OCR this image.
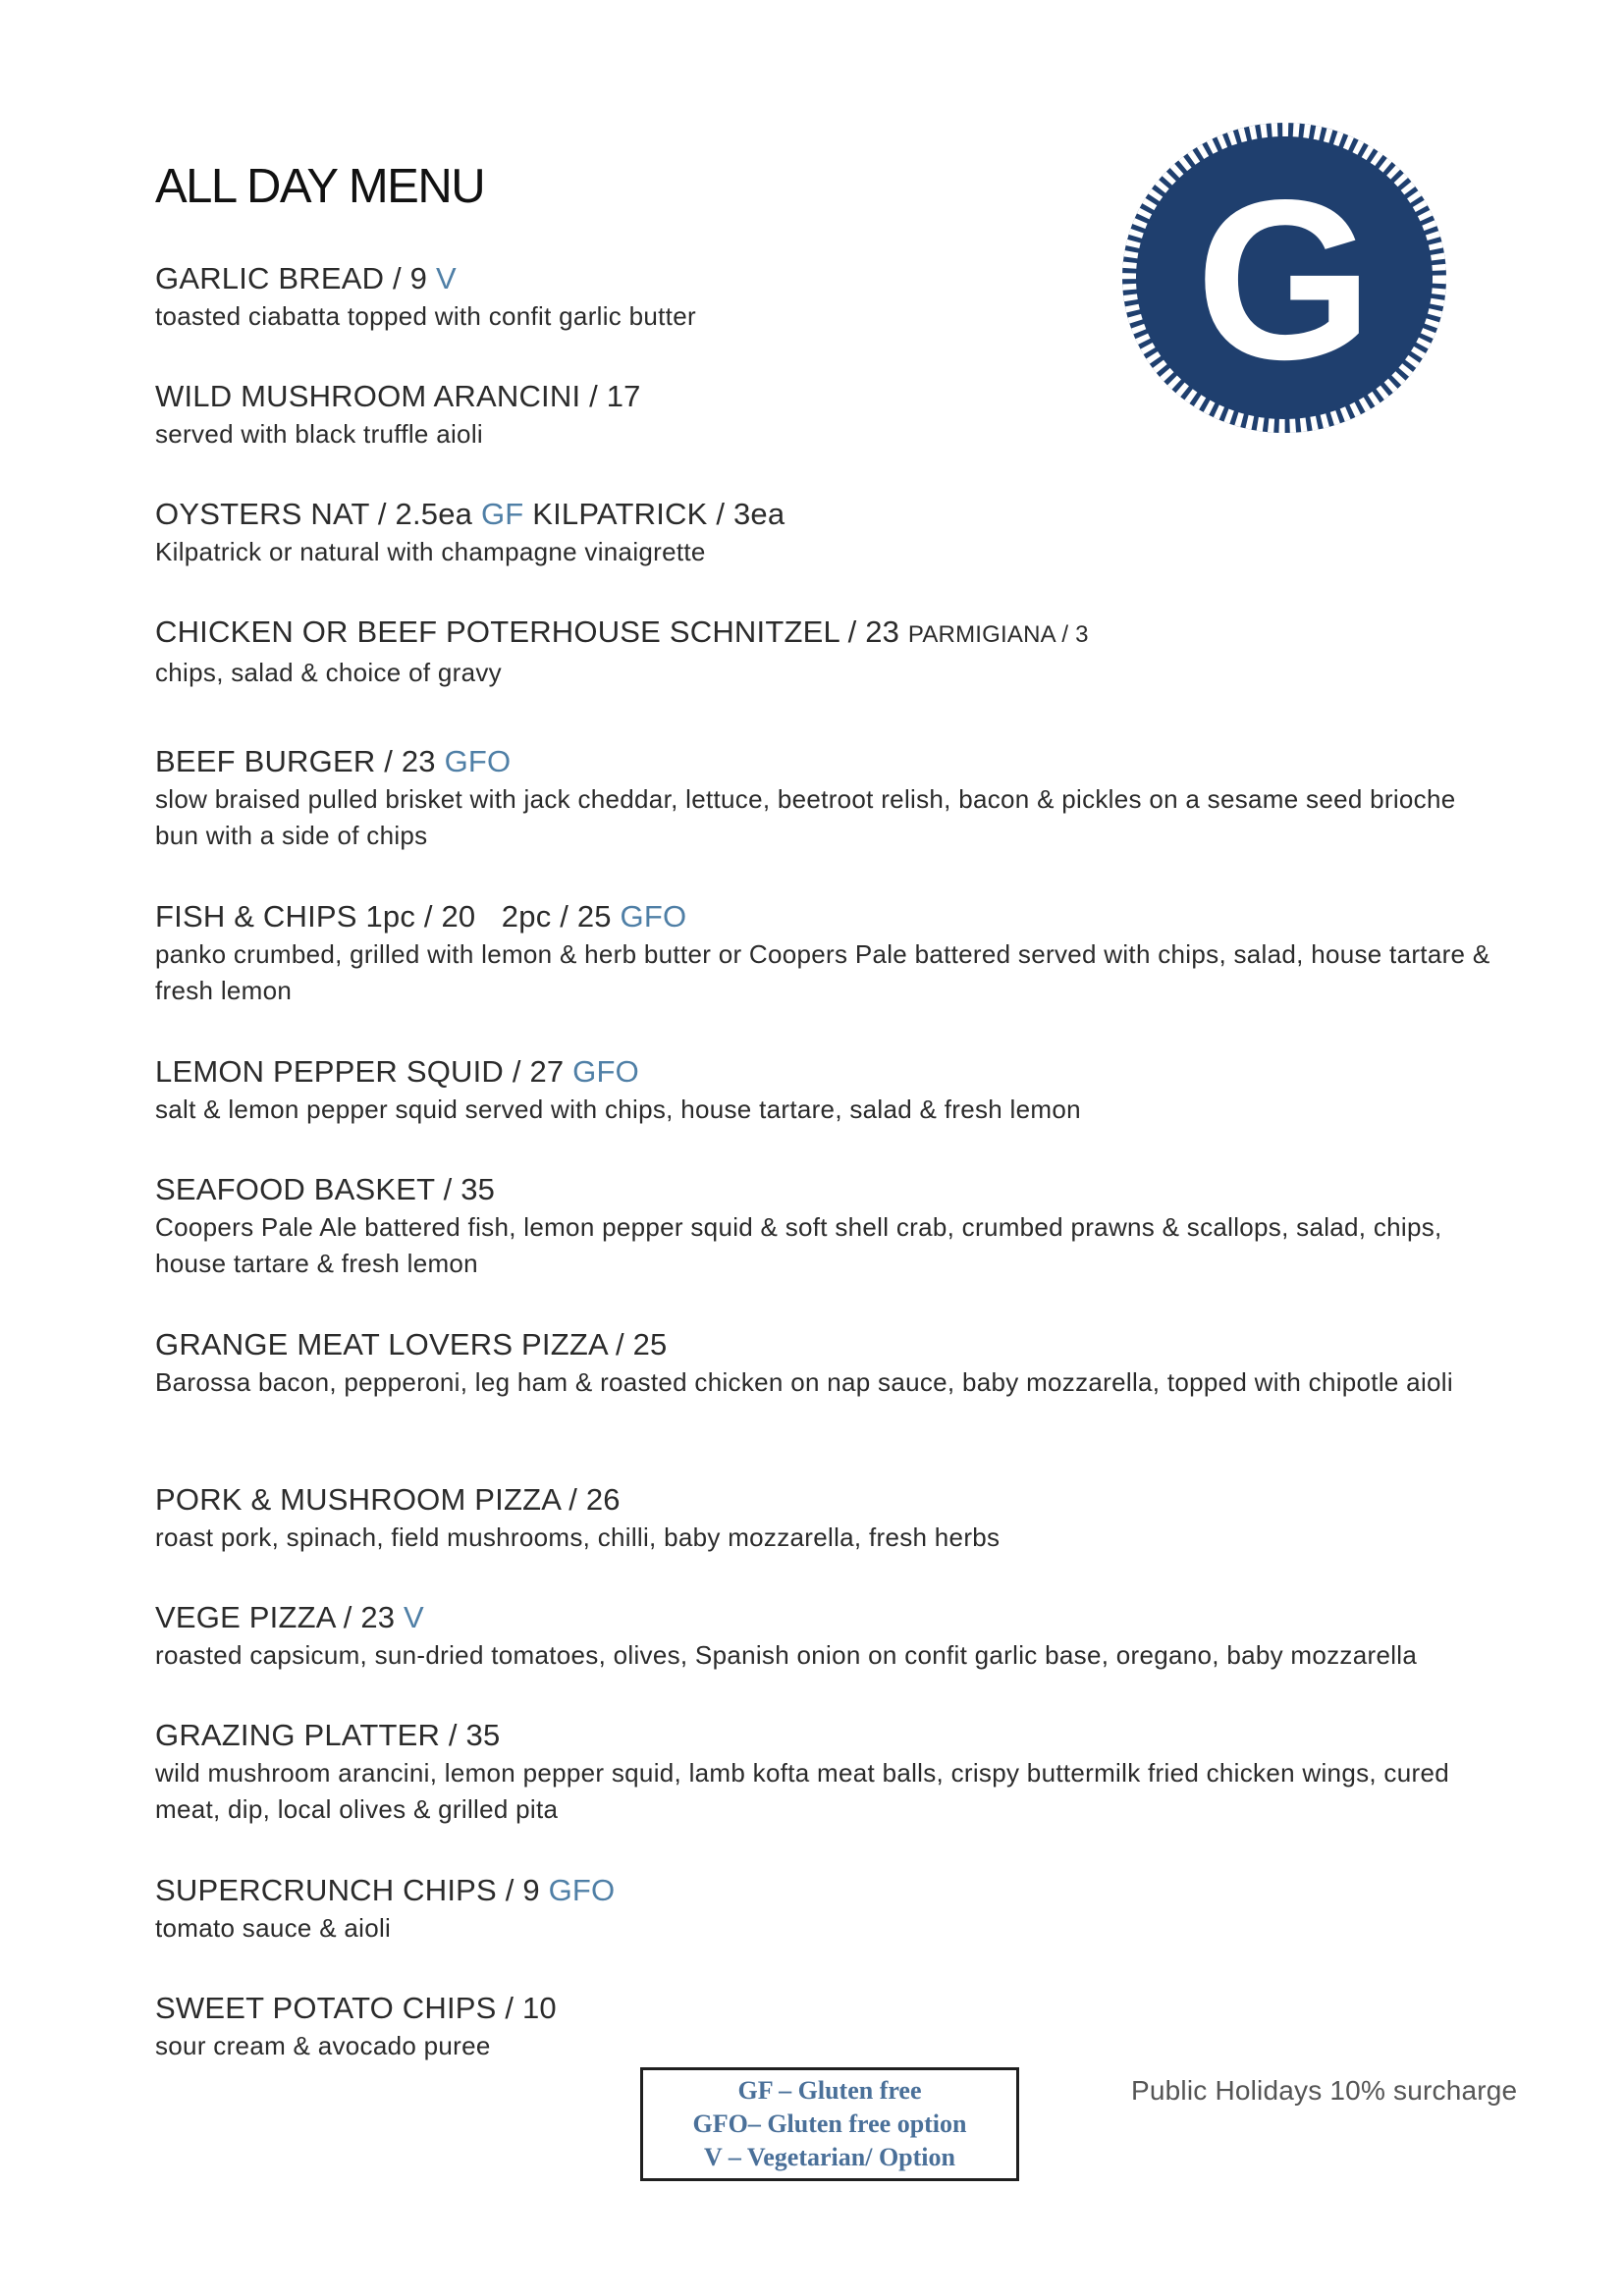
ALL DAY MENU	G
GARLIC BREAD / 9 V
toasted ciabatta topped with confit garlic butter
WILD MUSHROOM ARANCINI / 17
served with black truffle aioli
OYSTERS NAT / 2.5ea GF KILPATRICK / 3ea
Kilpatrick or natural with champagne vinaigrette
CHICKEN OR BEEF POTERHOUSE SCHNITZEL / 23 PARMIGIANA / 3
chips, salad & choice of gravy
BEEF BURGER / 23 GFO
slow braised pulled brisket with jack cheddar, lettuce, beetroot relish, bacon & pickles on a sesame seed brioche bun with a side of chips
FISH & CHIPS 1pc / 20   2pc / 25 GFO
panko crumbed, grilled with lemon & herb butter or Coopers Pale battered served with chips, salad, house tartare & fresh lemon
LEMON PEPPER SQUID / 27 GFO
salt & lemon pepper squid served with chips, house tartare, salad & fresh lemon
SEAFOOD BASKET / 35
Coopers Pale Ale battered fish, lemon pepper squid & soft shell crab, crumbed prawns & scallops, salad, chips, house tartare & fresh lemon
GRANGE MEAT LOVERS PIZZA / 25
Barossa bacon, pepperoni, leg ham & roasted chicken on nap sauce, baby mozzarella, topped with chipotle aioli
PORK & MUSHROOM PIZZA / 26
roast pork, spinach, field mushrooms, chilli, baby mozzarella, fresh herbs
VEGE PIZZA / 23 V
roasted capsicum, sun-dried tomatoes, olives, Spanish onion on confit garlic base, oregano, baby mozzarella
GRAZING PLATTER / 35
wild mushroom arancini, lemon pepper squid, lamb kofta meat balls, crispy buttermilk fried chicken wings, cured meat, dip, local olives & grilled pita
SUPERCRUNCH CHIPS / 9 GFO
tomato sauce & aioli
SWEET POTATO CHIPS / 10
sour cream & avocado puree
GF – Gluten free
GFO– Gluten free option
V – Vegetarian/ Option
Public Holidays 10% surcharge
